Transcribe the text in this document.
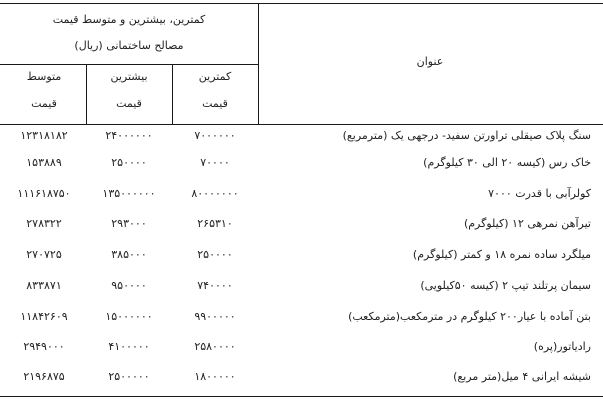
کمترین، بیشترین و متوسط قیمت
مصالح ساختمانی (ریال)
عنوان
کمترین
قیمت
بیشترین
قیمت
متوسط
قیمت
سنگ پلاک صیقلی تراورتن سفید- درجهی یک (مترمربع)
۷۰۰۰۰۰۰
۲۴۰۰۰۰۰۰
۱۲۳۱۸۱۸۲
خاک رس (کیسه ۲۰ الی ۳۰ کیلوگرم)
۷۰۰۰۰
۲۵۰۰۰۰
۱۵۳۸۸۹
کولرآبی با قدرت ۷۰۰۰
۸۰۰۰۰۰۰۰
۱۳۵۰۰۰۰۰۰
۱۱۱۶۱۸۷۵۰
تیرآهن نمرهی ۱۲ (کیلوگرم)
۲۶۵۳۱۰
۲۹۳۰۰۰
۲۷۸۳۲۲
میلگرد ساده نمره ۱۸ و کمتر (کیلوگرم)
۲۵۰۰۰۰
۳۸۵۰۰۰
۲۷۰۷۲۵
سیمان پرتلند تیپ ۲ (کیسه ۵۰کیلویی)
۷۴۰۰۰۰
۹۵۰۰۰۰
۸۳۳۸۷۱
بتن آماده با عیار۲۰۰ کیلوگرم در مترمکعب(مترمکعب)
۹۹۰۰۰۰۰
۱۵۰۰۰۰۰۰
۱۱۸۴۲۶۰۹
رادیاتور(پره)
۲۵۸۰۰۰۰
۴۱۰۰۰۰۰
۲۹۴۹۰۰۰
شیشه ایرانی ۴ میل(متر مربع)
۱۸۰۰۰۰۰
۲۵۰۰۰۰۰
۲۱۹۶۸۷۵
